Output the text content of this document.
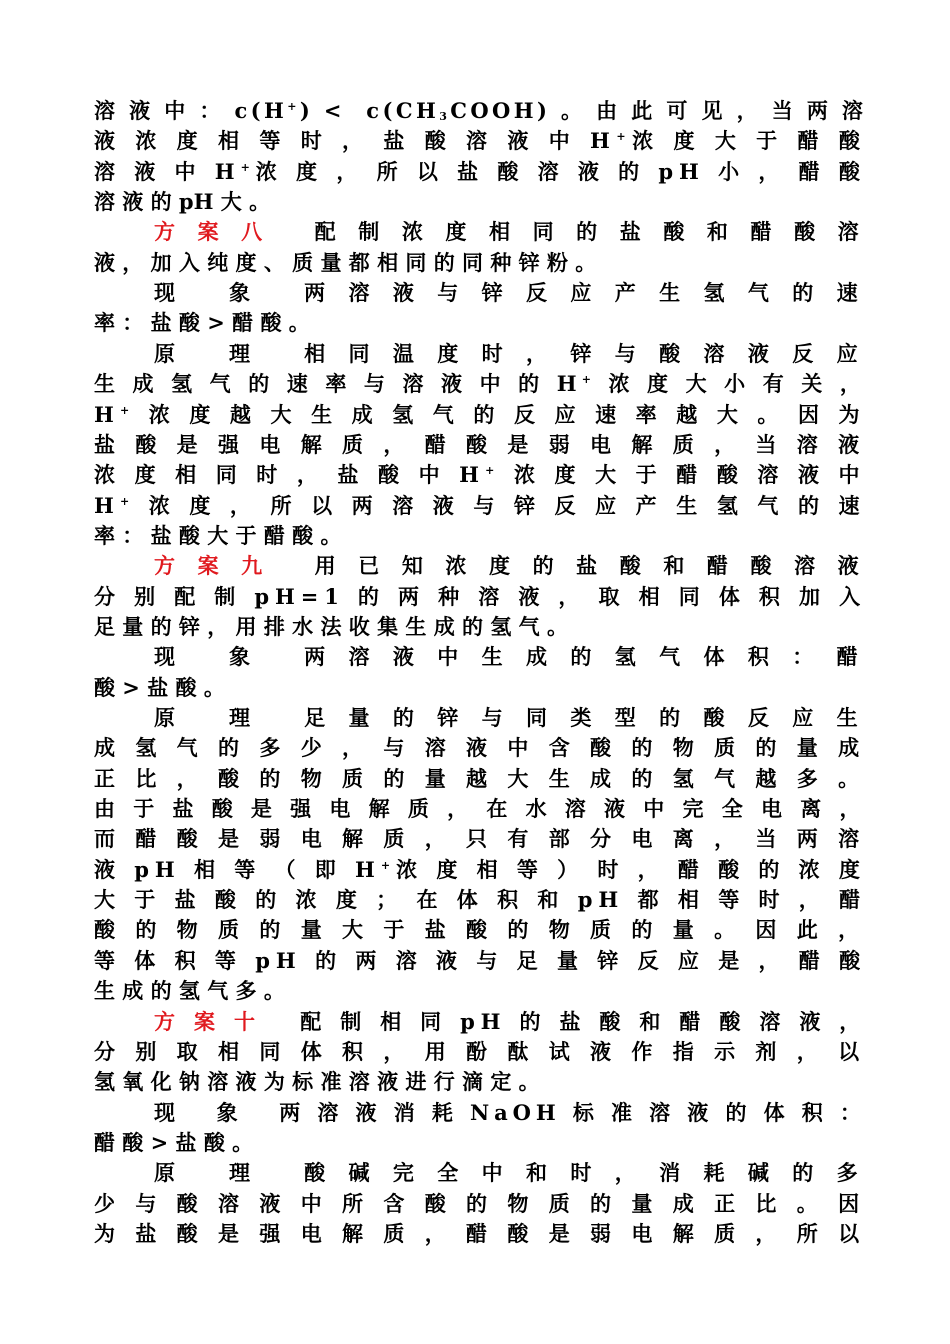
溶 液 中 ： $c(H^+) < c(CH_3COOH)$ 。 由 此 可 见 ， 当 两 溶
液 浓 度 相 等 时 ， 盐 酸 溶 液 中 H+浓 度 大 于 醋 酸
溶 液 中 H+浓 度 ， 所 以 盐 酸 溶 液 的 pH 小 ， 醋 酸
溶 液 的 pH 大 。
方 案 八   配 制 浓 度 相 同 的 盐 酸 和 醋 酸 溶
液 ， 加 入 纯 度 、 质 量 都 相 同 的 同 种 锌 粉 。
现   象   两 溶 液 与 锌 反 应 产 生 氢 气 的 速
率 ： 盐 酸 > 醋 酸 。
原   理   相 同 温 度 时 ， 锌 与 酸 溶 液 反 应
生 成 氢 气 的 速 率 与 溶 液 中 的 H+ 浓 度 大 小 有 关 ，
H+ 浓 度 越 大 生 成 氢 气 的 反 应 速 率 越 大 。 因 为
盐 酸 是 强 电 解 质 ， 醋 酸 是 弱 电 解 质 ， 当 溶 液
浓 度 相 同 时 ， 盐 酸 中 H+ 浓 度 大 于 醋 酸 溶 液 中
H+ 浓 度 ， 所 以 两 溶 液 与 锌 反 应 产 生 氢 气 的 速
率 ： 盐 酸 大 于 醋 酸 。
方 案 九   用 已 知 浓 度 的 盐 酸 和 醋 酸 溶 液
分 别 配 制 pH=1 的 两 种 溶 液 ， 取 相 同 体 积 加 入
足 量 的 锌 ， 用 排 水 法 收 集 生 成 的 氢 气 。
现   象   两 溶 液 中 生 成 的 氢 气 体 积 ： 醋
酸 > 盐 酸 。
原   理   足 量 的 锌 与 同 类 型 的 酸 反 应 生
成 氢 气 的 多 少 ， 与 溶 液 中 含 酸 的 物 质 的 量 成
正 比 ， 酸 的 物 质 的 量 越 大 生 成 的 氢 气 越 多 。
由 于 盐 酸 是 强 电 解 质 ， 在 水 溶 液 中 完 全 电 离 ，
而 醋 酸 是 弱 电 解 质 ， 只 有 部 分 电 离 ， 当 两 溶
液 pH 相 等 （ 即 H+浓 度 相 等 ） 时 ， 醋 酸 的 浓 度
大 于 盐 酸 的 浓 度 ； 在 体 积 和 pH 都 相 等 时 ， 醋
酸 的 物 质 的 量 大 于 盐 酸 的 物 质 的 量 。 因 此 ，
等 体 积 等 pH 的 两 溶 液 与 足 量 锌 反 应 是 ， 醋 酸
生 成 的 氢 气 多 。
方 案 十   配 制 相 同 pH 的 盐 酸 和 醋 酸 溶 液 ，
分 别 取 相 同 体 积 ， 用 酚 酞 试 液 作 指 示 剂 ， 以
氢 氧 化 钠 溶 液 为 标 准 溶 液 进 行 滴 定 。
现   象   两 溶 液 消 耗 NaOH 标 准 溶 液 的 体 积 ：
醋 酸 > 盐 酸 。
原   理   酸 碱 完 全 中 和 时 ， 消 耗 碱 的 多
少 与 酸 溶 液 中 所 含 酸 的 物 质 的 量 成 正 比 。 因
为 盐 酸 是 强 电 解 质 ， 醋 酸 是 弱 电 解 质 ， 所 以
